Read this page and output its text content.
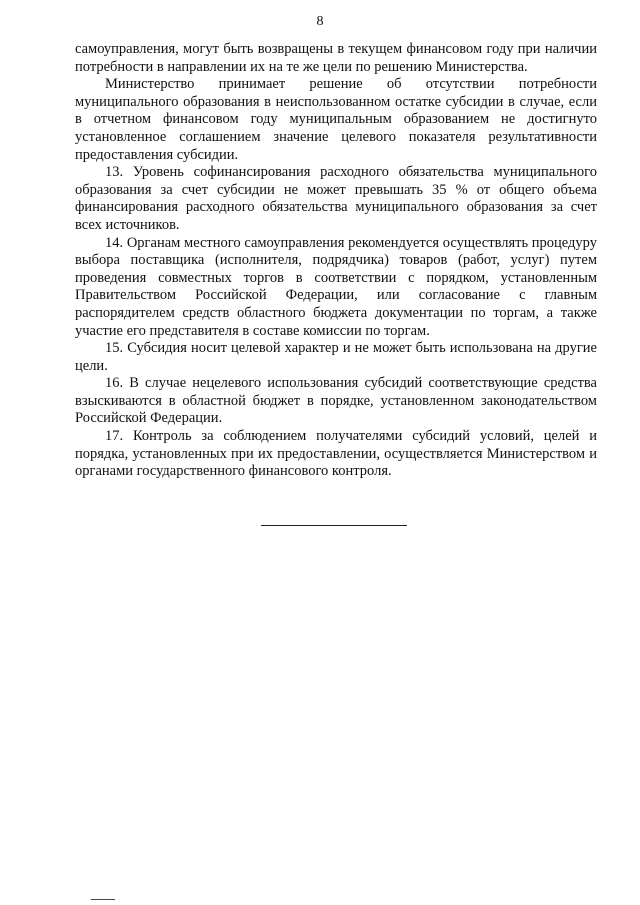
8

самоуправления, могут быть возвращены в текущем финансовом году при наличии потребности в направлении их на те же цели по решению Министерства.

Министерство принимает решение об отсутствии потребности муниципального образования в неиспользованном остатке субсидии в случае, если в отчетном финансовом году муниципальным образованием не достигнуто установленное соглашением значение целевого показателя результативности предоставления субсидии.

13. Уровень софинансирования расходного обязательства муниципального образования за счет субсидии не может превышать 35 % от общего объема финансирования расходного обязательства муниципального образования за счет всех источников.

14. Органам местного самоуправления рекомендуется осуществлять процедуру выбора поставщика (исполнителя, подрядчика) товаров (работ, услуг) путем проведения совместных торгов в соответствии с порядком, установленным Правительством Российской Федерации, или согласование с главным распорядителем средств областного бюджета документации по торгам, а также участие его представителя в составе комиссии по торгам.

15. Субсидия носит целевой характер и не может быть использована на другие цели.

16. В случае нецелевого использования субсидий соответствующие средства взыскиваются в областной бюджет в порядке, установленном законодательством Российской Федерации.

17. Контроль за соблюдением получателями субсидий условий, целей и порядка, установленных при их предоставлении, осуществляется Министерством и органами государственного финансового контроля.
